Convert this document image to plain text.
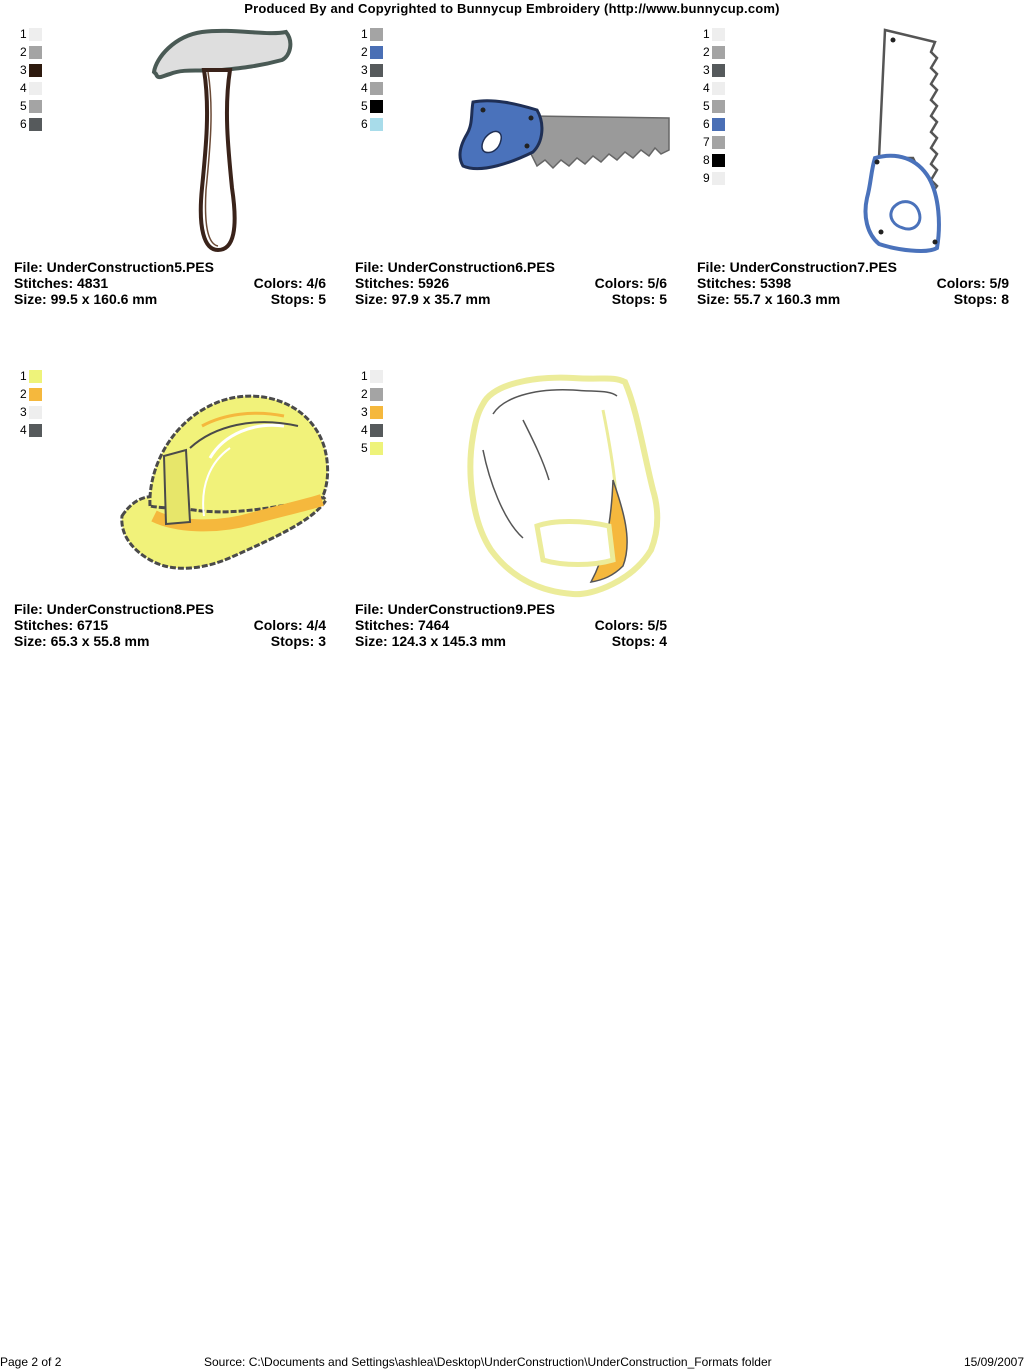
Produced By and Copyrighted to Bunnycup Embroidery (http://www.bunnycup.com)
1
2
3
4
5
6
File: UnderConstruction5.PES
Stitches: 4831	Colors: 4/6
Size: 99.5 x 160.6 mm	Stops: 5
1
2
3
4
5
6
File: UnderConstruction6.PES
Stitches: 5926	Colors: 5/6
Size: 97.9 x 35.7 mm	Stops: 5
1
2
3
4
5
6
7
8
9
File: UnderConstruction7.PES
Stitches: 5398	Colors: 5/9
Size: 55.7 x 160.3 mm	Stops: 8
1
2
3
4
File: UnderConstruction8.PES
Stitches: 6715	Colors: 4/4
Size: 65.3 x 55.8 mm	Stops: 3
1
2
3
4
5
File: UnderConstruction9.PES
Stitches: 7464	Colors: 5/5
Size: 124.3 x 145.3 mm	Stops: 4
Page 2 of 2	Source: C:\Documents and Settings\ashlea\Desktop\UnderConstruction\UnderConstruction_Formats folder	15/09/2007
